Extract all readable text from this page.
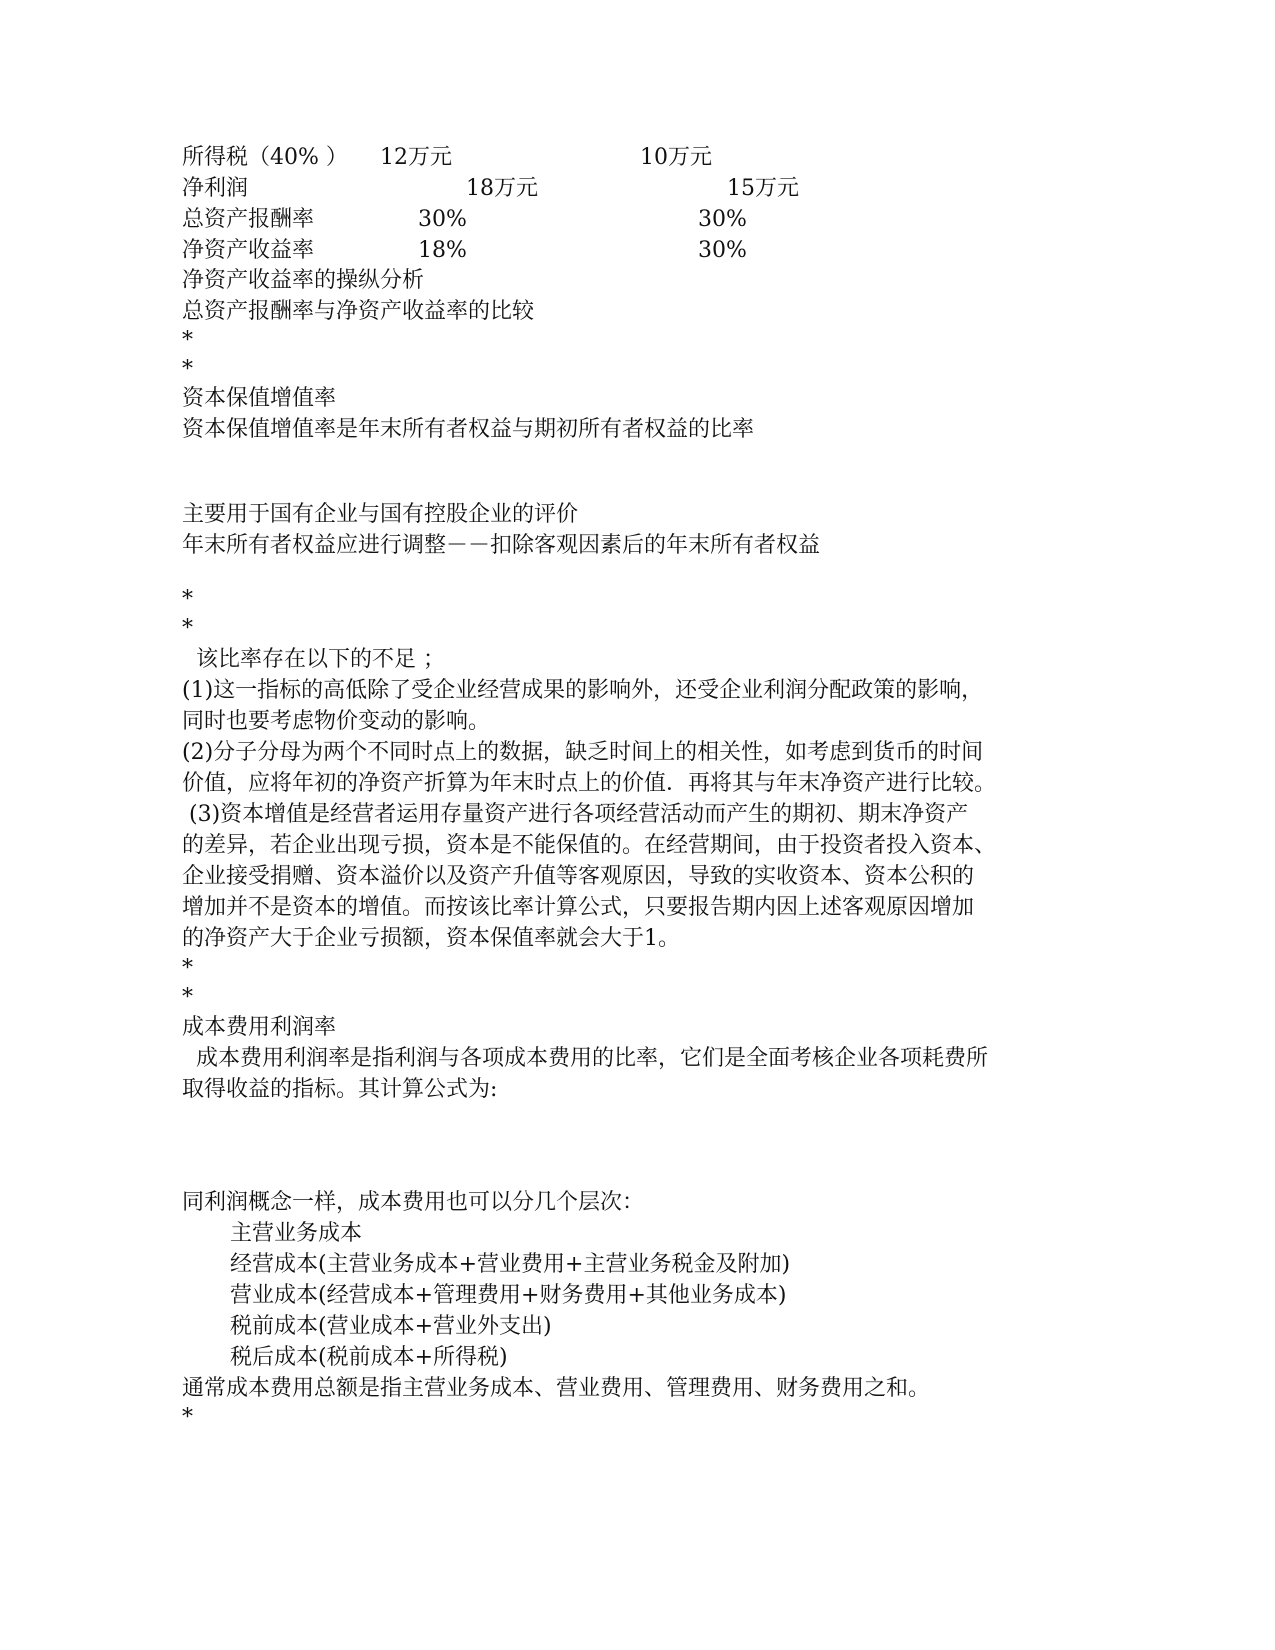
所得税（40% ） 12万元	10万元
净利润	18万元	15万元
总资产报酬率	30%	30%
净资产收益率	18%	30%
净资产收益率的操纵分析
总资产报酬率与净资产收益率的比较
*
*
资本保值增值率
资本保值增值率是年末所有者权益与期初所有者权益的比率
主要用于国有企业与国有控股企业的评价
年末所有者权益应进行调整－－扣除客观因素后的年末所有者权益
*
*
该比率存在以下的不足 ；
(1)这一指标的高低除了受企业经营成果的影响外，还受企业利润分配政策的影响，
同时也要考虑物价变动的影响。
(2)分子分母为两个不同时点上的数据，缺乏时间上的相关性，如考虑到货币的时间
价值，应将年初的净资产折算为年末时点上的价值．再将其与年末净资产进行比较。
(3)资本增值是经营者运用存量资产进行各项经营活动而产生的期初、期末净资产
的差异，若企业出现亏损，资本是不能保值的。在经营期间，由于投资者投入资本、
企业接受捐赠、资本溢价以及资产升值等客观原因，导致的实收资本、资本公积的
增加并不是资本的增值。而按该比率计算公式，只要报告期内因上述客观原因增加
的净资产大于企业亏损额，资本保值率就会大于1。
*
*
成本费用利润率
成本费用利润率是指利润与各项成本费用的比率，它们是全面考核企业各项耗费所
取得收益的指标。其计算公式为:
同利润概念一样，成本费用也可以分几个层次：
主营业务成本
经营成本(主营业务成本+营业费用+主营业务税金及附加)
营业成本(经营成本+管理费用+财务费用+其他业务成本)
税前成本(营业成本+营业外支出)
税后成本(税前成本+所得税)
通常成本费用总额是指主营业务成本、营业费用、管理费用、财务费用之和。
*
